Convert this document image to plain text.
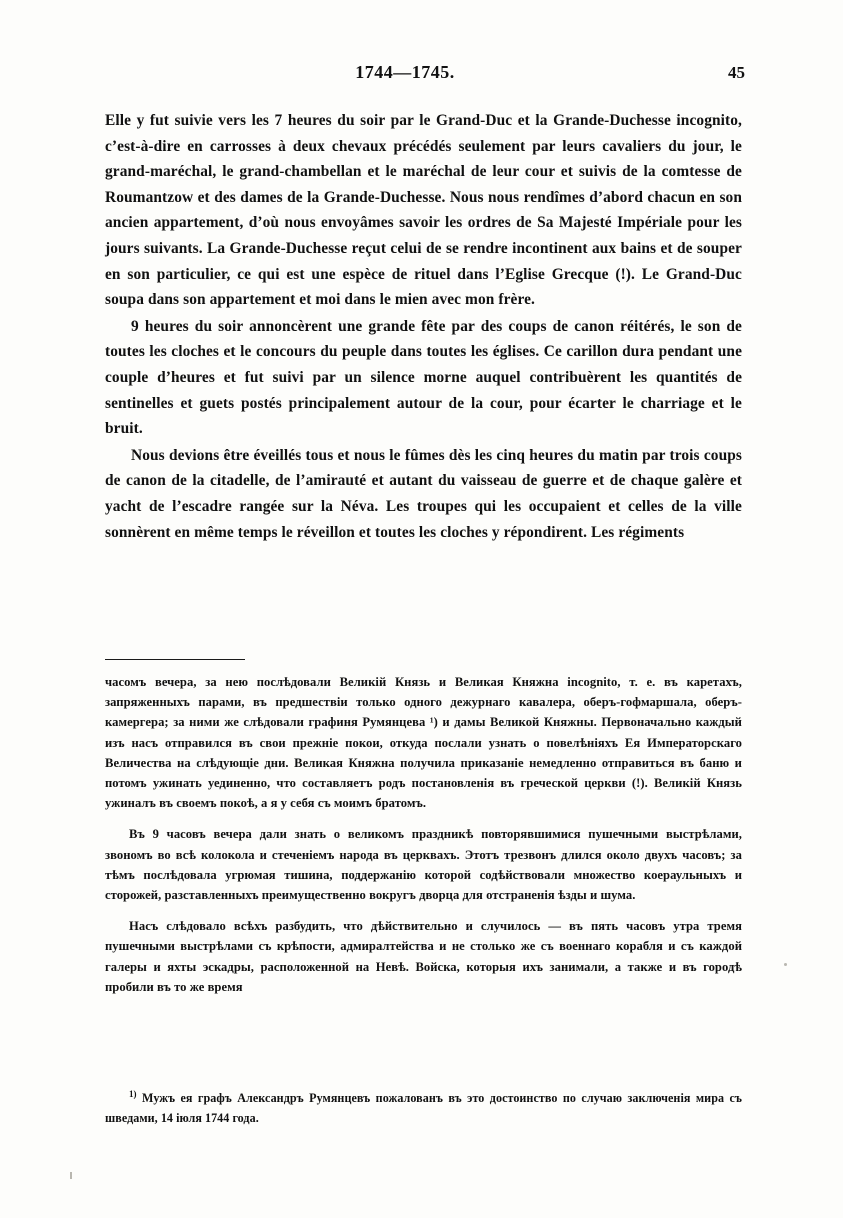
1744—1745.	45

Elle y fut suivie vers les 7 heures du soir par le Grand-Duc et la Grande-Duchesse incognito, c’est-à-dire en carrosses à deux chevaux précédés seulement par leurs cavaliers du jour, le grand-maréchal, le grand-chambellan et le maréchal de leur cour et suivis de la comtesse de Roumantzow et des dames de la Grande-Duchesse. Nous nous rendîmes d’abord chacun en son ancien appartement, d’où nous envoyâmes savoir les ordres de Sa Majesté Impériale pour les jours suivants. La Grande-Duchesse reçut celui de se rendre incontinent aux bains et de souper en son particulier, ce qui est une espèce de rituel dans l’Eglise Grecque (!). Le Grand-Duc soupa dans son appartement et moi dans le mien avec mon frère.

9 heures du soir annoncèrent une grande fête par des coups de canon réitérés, le son de toutes les cloches et le concours du peuple dans toutes les églises. Ce carillon dura pendant une couple d’heures et fut suivi par un silence morne auquel contribuèrent les quantités de sentinelles et guets postés principalement autour de la cour, pour écarter le charriage et le bruit.

Nous devions être éveillés tous et nous le fûmes dès les cinq heures du matin par trois coups de canon de la citadelle, de l’amirauté et autant du vaisseau de guerre et de chaque galère et yacht de l’escadre rangée sur la Néva. Les troupes qui les occupaient et celles de la ville sonnèrent en même temps le réveillon et toutes les cloches y répondirent. Les régiments

часомъ вечера, за нею послѣдовали Великій Князь и Великая Княжна incognito, т. е. въ каретахъ, запряженныхъ парами, въ предшествіи только одного дежурнаго кавалера, оберъ-гофмаршала, оберъ-камергера; за ними же слѣдовали графиня Румянцева ¹) и дамы Великой Княжны. Первоначально каждый изъ насъ отправился въ свои прежніе покои, откуда послали узнать о повелѣніяхъ Ея Императорскаго Величества на слѣдующіе дни. Великая Княжна получила приказаніе немедленно отправиться въ баню и потомъ ужинать уединенно, что составляетъ родъ постановленія въ греческой церкви (!). Великій Князь ужиналъ въ своемъ покоѣ, а я у себя съ моимъ братомъ.

Въ 9 часовъ вечера дали знать о великомъ праздникѣ повторявшимися пушечными выстрѣлами, звономъ во всѣ колокола и стеченіемъ народа въ церквахъ. Этотъ трезвонъ длился около двухъ часовъ; за тѣмъ послѣдовала угрюмая тишина, поддержанію которой содѣйствовали множество коераульныхъ и сторожей, разставленныхъ преимущественно вокругъ дворца для отстраненія ѣзды и шума.

Насъ слѣдовало всѣхъ разбудить, что дѣйствительно и случилось — въ пять часовъ утра тремя пушечными выстрѣлами съ крѣпости, адмиралтейства и не столько же съ военнаго корабля и съ каждой галеры и яхты эскадры, расположенной на Невѣ. Войска, которыя ихъ занимали, а также и въ городѣ пробили въ то же время

$^{1)}$ Мужъ ея графъ Александръ Румянцевъ пожалованъ въ это достоинство по случаю заключенія мира съ шведами, 14 іюля 1744 года.
